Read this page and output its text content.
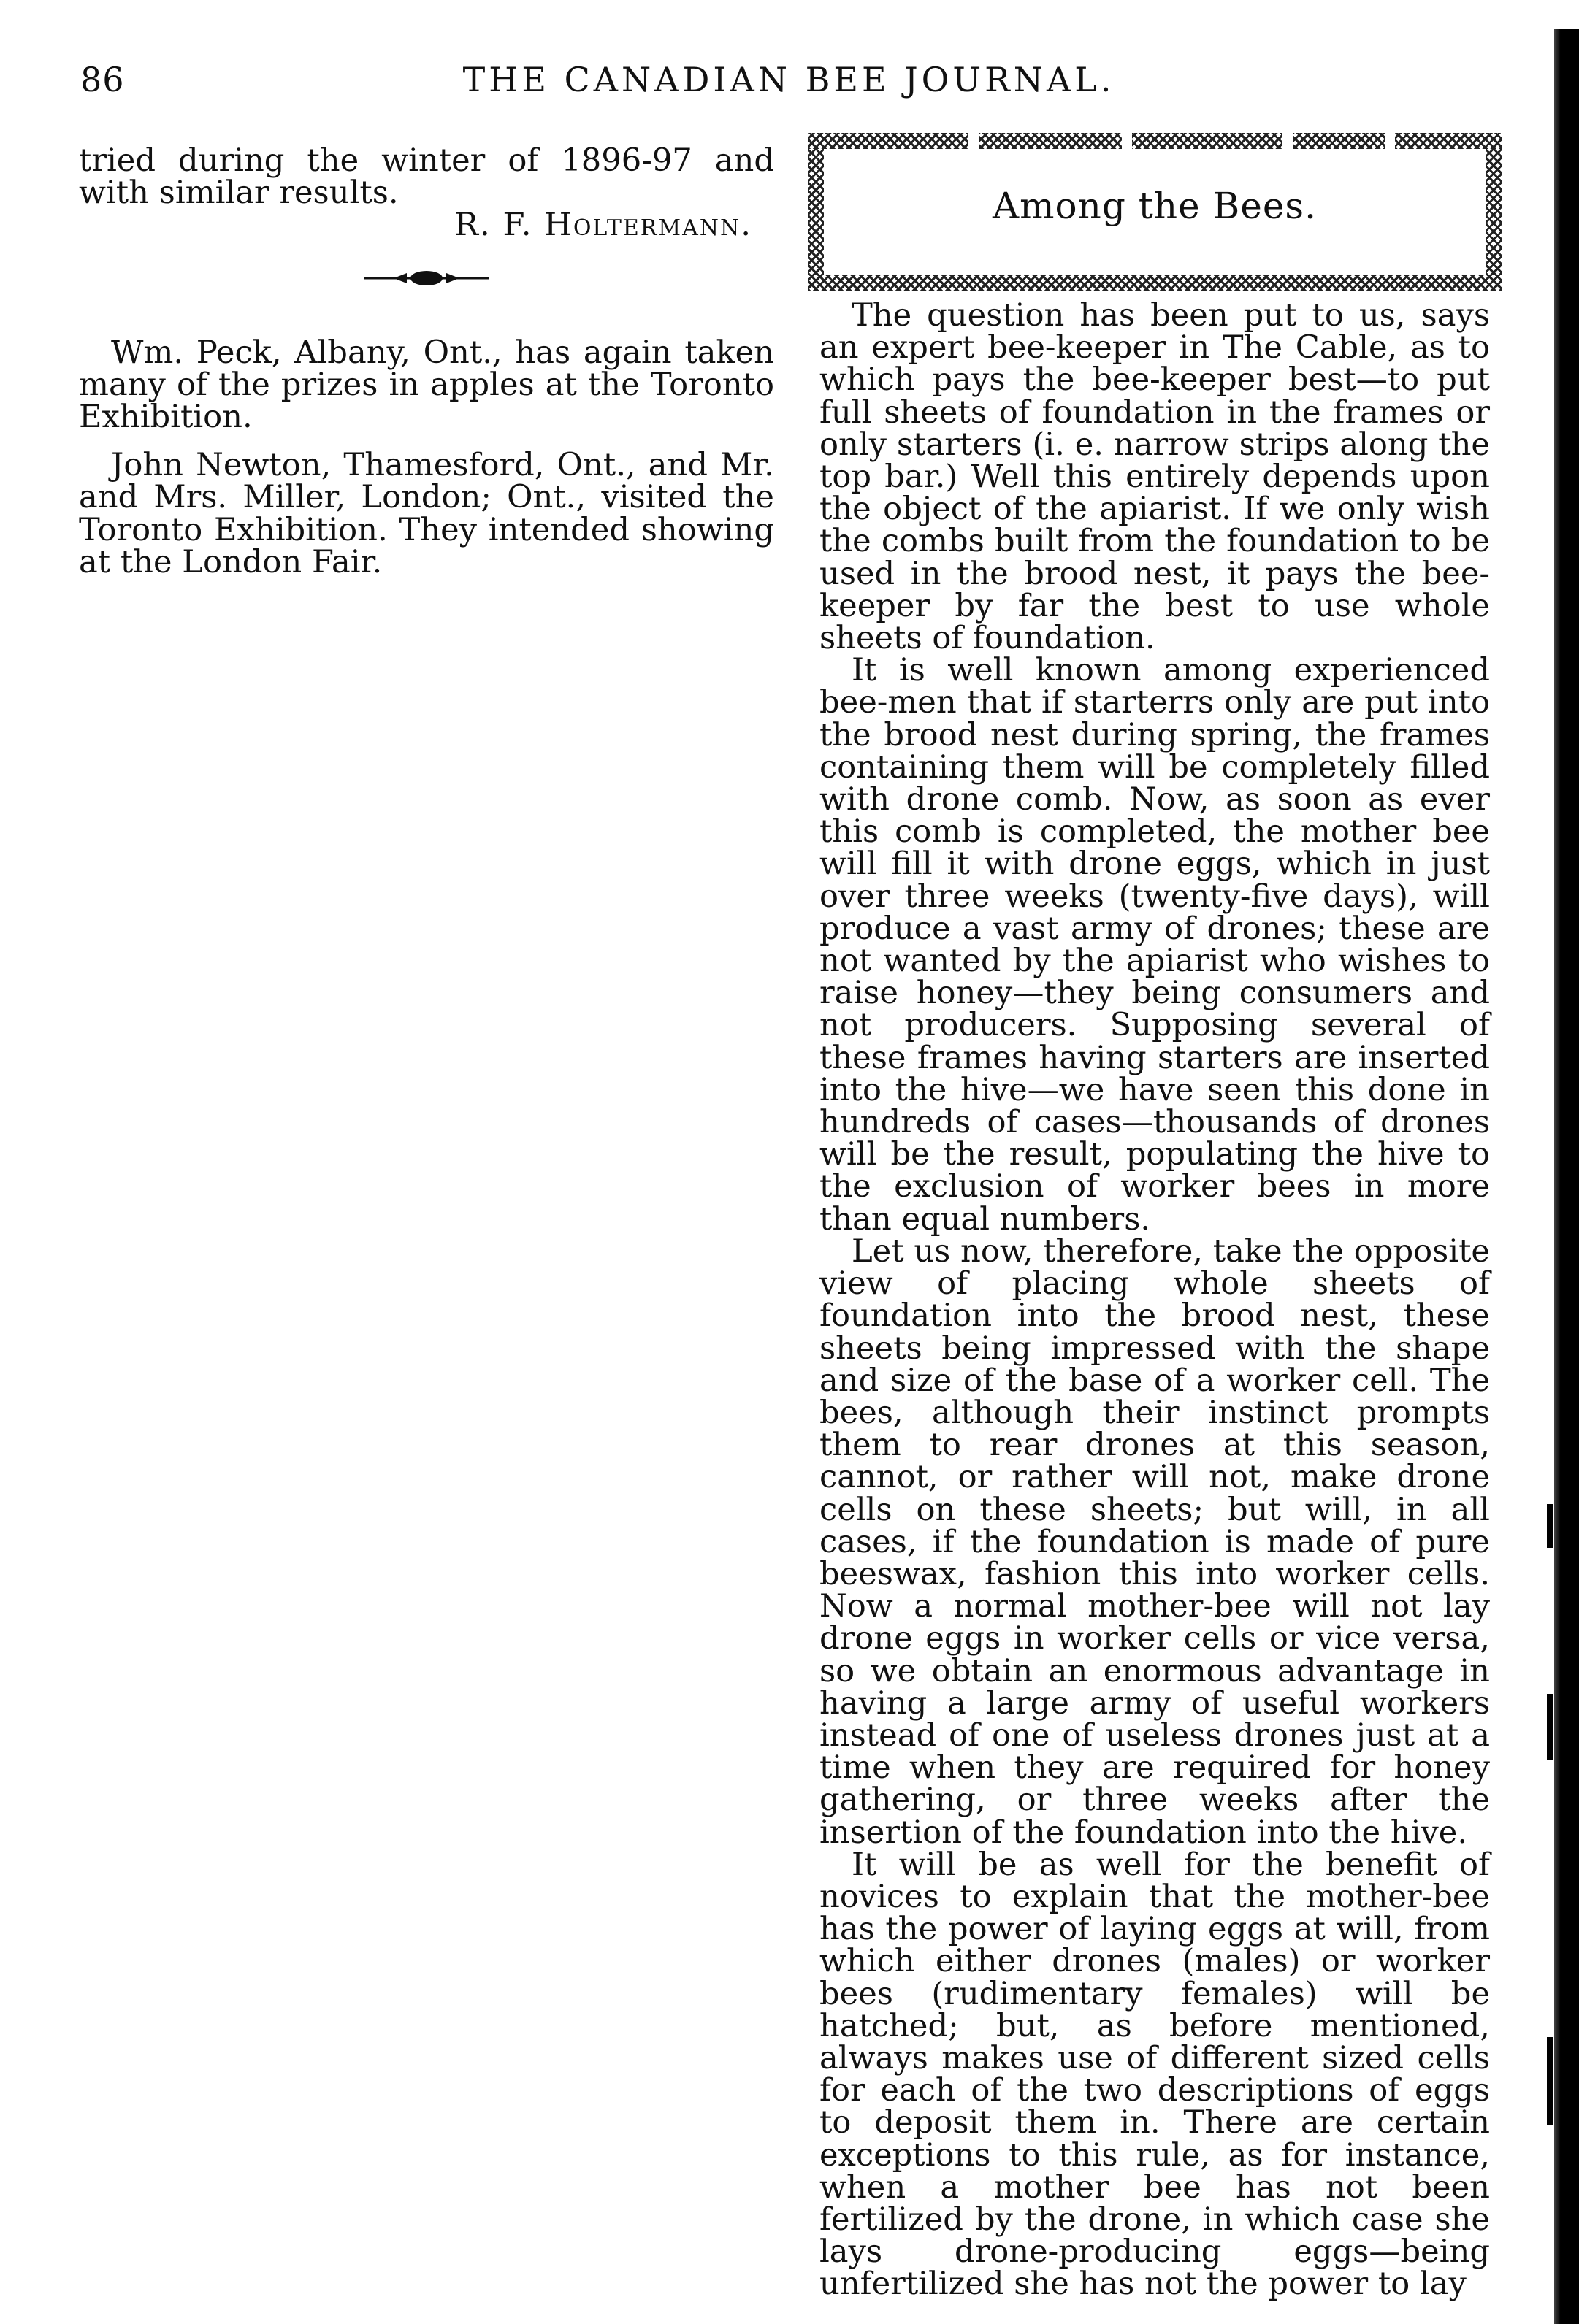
86	THE CANADIAN BEE JOURNAL.

tried during the winter of 1896-97 and with similar results.

R. F. Holtermann.

Wm. Peck, Albany, Ont., has again taken many of the prizes in apples at the Toronto Exhibition.

John Newton, Thamesford, Ont., and Mr. and Mrs. Miller, London; Ont., visited the Toronto Exhibition. They intended showing at the London Fair.

Among the Bees.

The question has been put to us, says an expert bee-keeper in The Cable, as to which pays the bee-keeper best—to put full sheets of foundation in the frames or only starters (i. e. narrow strips along the top bar.) Well this entirely depends upon the object of the apiarist. If we only wish the combs built from the foundation to be used in the brood nest, it pays the bee-keeper by far the best to use whole sheets of foundation.

It is well known among experienced bee-men that if starterrs only are put into the brood nest during spring, the frames containing them will be completely filled with drone comb. Now, as soon as ever this comb is completed, the mother bee will fill it with drone eggs, which in just over three weeks (twenty-five days), will produce a vast army of drones; these are not wanted by the apiarist who wishes to raise honey—they being consumers and not producers. Supposing several of these frames having starters are inserted into the hive—we have seen this done in hundreds of cases—thousands of drones will be the result, populating the hive to the exclusion of worker bees in more than equal numbers.

Let us now, therefore, take the opposite view of placing whole sheets of foundation into the brood nest, these sheets being impressed with the shape and size of the base of a worker cell. The bees, although their instinct prompts them to rear drones at this season, cannot, or rather will not, make drone cells on these sheets; but will, in all cases, if the foundation is made of pure beeswax, fashion this into worker cells. Now a normal mother-bee will not lay drone eggs in worker cells or vice versa, so we obtain an enormous advantage in having a large army of useful workers instead of one of useless drones just at a time when they are required for honey gathering, or three weeks after the insertion of the foundation into the hive.

It will be as well for the benefit of novices to explain that the mother-bee has the power of laying eggs at will, from which either drones (males) or worker bees (rudimentary females) will be hatched; but, as before mentioned, always makes use of different sized cells for each of the two descriptions of eggs to deposit them in. There are certain exceptions to this rule, as for instance, when a mother bee has not been fertilized by the drone, in which case she lays drone-producing eggs—being unfertilized she has not the power to lay
